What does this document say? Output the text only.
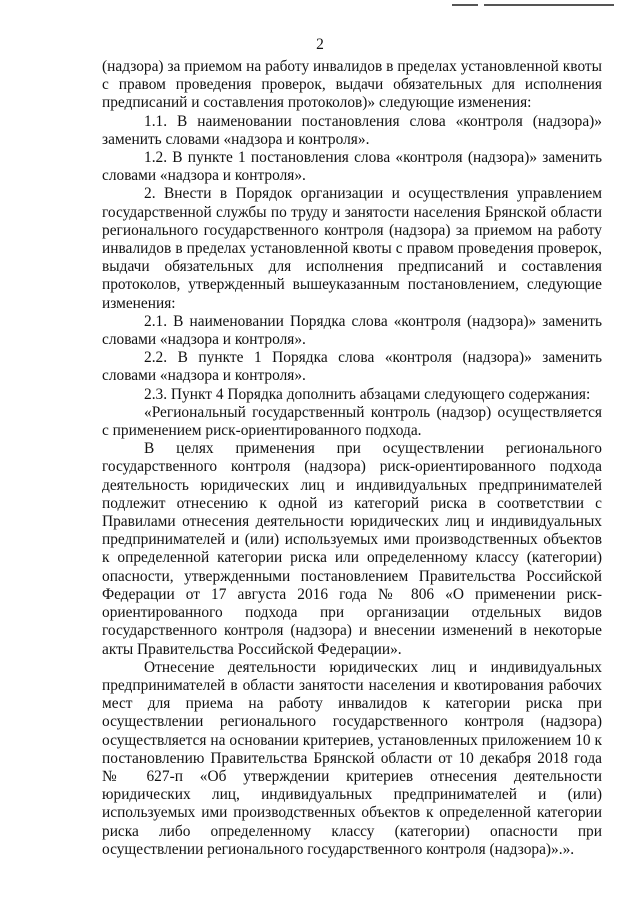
2

(надзора) за приемом на работу инвалидов в пределах установленной квоты с правом проведения проверок, выдачи обязательных для исполнения предписаний и составления протоколов)» следующие изменения:

1.1. В наименовании постановления слова «контроля (надзора)» заменить словами «надзора и контроля».

1.2. В пункте 1 постановления слова «контроля (надзора)» заменить словами «надзора и контроля».

2. Внести в Порядок организации и осуществления управлением государственной службы по труду и занятости населения Брянской области регионального государственного контроля (надзора) за приемом на работу инвалидов в пределах установленной квоты с правом проведения проверок, выдачи обязательных для исполнения предписаний и составления протоколов, утвержденный вышеуказанным постановлением, следующие изменения:

2.1. В наименовании Порядка слова «контроля (надзора)» заменить словами «надзора и контроля».

2.2. В пункте 1 Порядка слова «контроля (надзора)» заменить словами «надзора и контроля».

2.3. Пункт 4 Порядка дополнить абзацами следующего содержания:

«Региональный государственный контроль (надзор) осуществляется с применением риск-ориентированного подхода.

В целях применения при осуществлении регионального государственного контроля (надзора) риск-ориентированного подхода деятельность юридических лиц и индивидуальных предпринимателей подлежит отнесению к одной из категорий риска в соответствии с Правилами отнесения деятельности юридических лиц и индивидуальных предпринимателей и (или) используемых ими производственных объектов к определенной категории риска или определенному классу (категории) опасности, утвержденными постановлением Правительства Российской Федерации от 17 августа 2016 года № 806 «О применении риск-ориентированного подхода при организации отдельных видов государственного контроля (надзора) и внесении изменений в некоторые акты Правительства Российской Федерации».

Отнесение деятельности юридических лиц и индивидуальных предпринимателей в области занятости населения и квотирования рабочих мест для приема на работу инвалидов к категории риска при осуществлении регионального государственного контроля (надзора) осуществляется на основании критериев, установленных приложением 10 к постановлению Правительства Брянской области от 10 декабря 2018 года № 627-п «Об утверждении критериев отнесения деятельности юридических лиц, индивидуальных предпринимателей и (или) используемых ими производственных объектов к определенной категории риска либо определенному классу (категории) опасности при осуществлении регионального государственного контроля (надзора)».».
